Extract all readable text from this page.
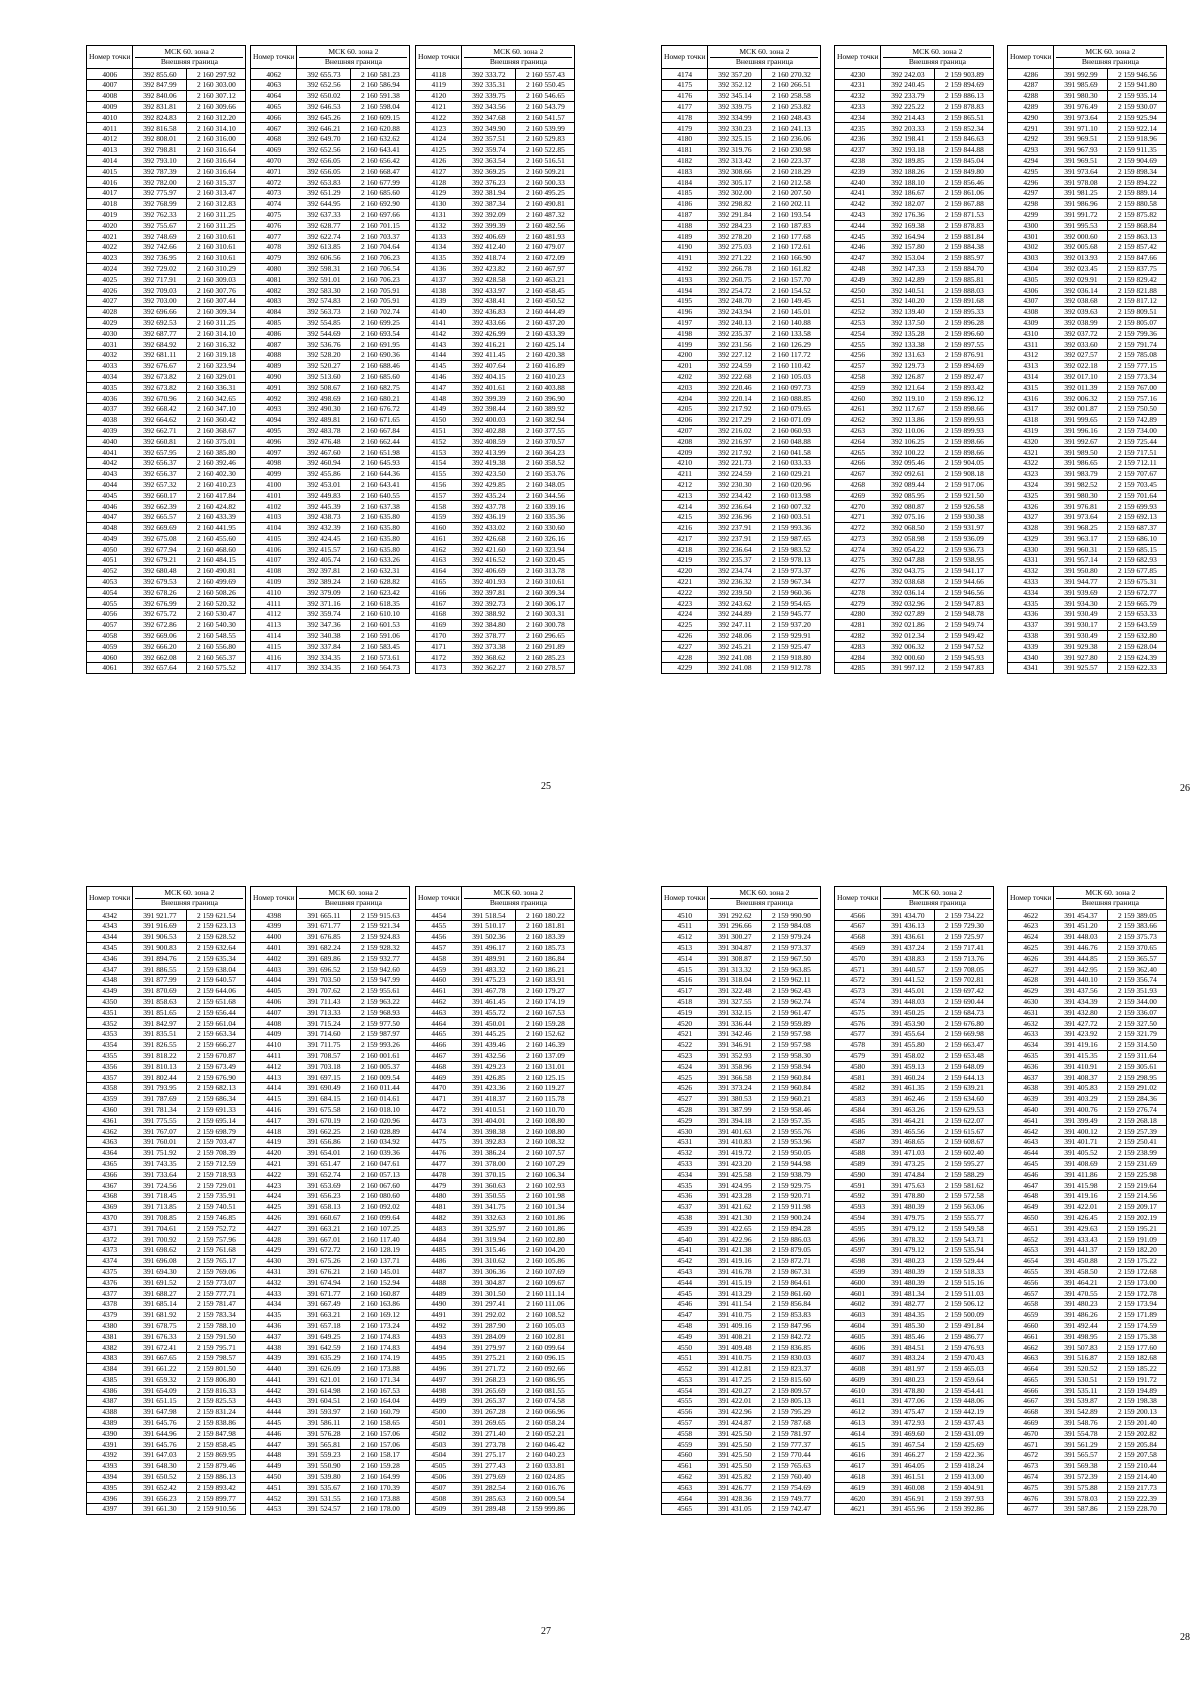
Номер точки	МСК 60. зона 2
Внешняя граница	

4006	392 855.60	2 160 297.92
4007	392 847.99	2 160 303.00
4008	392 840.06	2 160 307.12
4009	392 831.81	2 160 309.66
4010	392 824.83	2 160 312.20
4011	392 816.58	2 160 314.10
4012	392 808.01	2 160 316.00
4013	392 798.81	2 160 316.64
4014	392 793.10	2 160 316.64
4015	392 787.39	2 160 316.64
4016	392 782.00	2 160 315.37
4017	392 775.97	2 160 313.47
4018	392 768.99	2 160 312.83
4019	392 762.33	2 160 311.25
4020	392 755.67	2 160 311.25
4021	392 748.69	2 160 310.61
4022	392 742.66	2 160 310.61
4023	392 736.95	2 160 310.61
4024	392 729.02	2 160 310.29
4025	392 717.91	2 160 309.03
4026	392 709.03	2 160 307.76
4027	392 703.00	2 160 307.44
4028	392 696.66	2 160 309.34
4029	392 692.53	2 160 311.25
4030	392 687.77	2 160 314.10
4031	392 684.92	2 160 316.32
4032	392 681.11	2 160 319.18
4033	392 676.67	2 160 323.94
4034	392 673.82	2 160 329.01
4035	392 673.82	2 160 336.31
4036	392 670.96	2 160 342.65
4037	392 668.42	2 160 347.10
4038	392 664.62	2 160 360.42
4039	392 662.71	2 160 368.67
4040	392 660.81	2 160 375.01
4041	392 657.95	2 160 385.80
4042	392 656.37	2 160 392.46
4043	392 656.37	2 160 402.30
4044	392 657.32	2 160 410.23
4045	392 660.17	2 160 417.84
4046	392 662.39	2 160 424.82
4047	392 665.57	2 160 433.39
4048	392 669.69	2 160 441.95
4049	392 675.08	2 160 455.60
4050	392 677.94	2 160 468.60
4051	392 679.21	2 160 484.15
4052	392 680.48	2 160 490.81
4053	392 679.53	2 160 499.69
4054	392 678.26	2 160 508.26
4055	392 676.99	2 160 520.32
4056	392 675.72	2 160 530.47
4057	392 672.86	2 160 540.30
4058	392 669.06	2 160 548.55
4059	392 666.20	2 160 556.80
4060	392 662.08	2 160 565.37
4061	392 657.64	2 160 575.52
Номер точки	МСК 60. зона 2
Внешняя граница	

4062	392 655.73	2 160 581.23
4063	392 652.56	2 160 586.94
4064	392 650.02	2 160 591.38
4065	392 646.53	2 160 598.04
4066	392 645.26	2 160 609.15
4067	392 646.21	2 160 620.88
4068	392 649.70	2 160 632.62
4069	392 652.56	2 160 643.41
4070	392 656.05	2 160 656.42
4071	392 656.05	2 160 668.47
4072	392 653.83	2 160 677.99
4073	392 651.29	2 160 685.60
4074	392 644.95	2 160 692.90
4075	392 637.33	2 160 697.66
4076	392 628.77	2 160 701.15
4077	392 622.74	2 160 703.37
4078	392 613.85	2 160 704.64
4079	392 606.56	2 160 706.23
4080	392 598.31	2 160 706.54
4081	392 591.01	2 160 706.23
4082	392 583.30	2 160 705.91
4083	392 574.83	2 160 705.91
4084	392 563.73	2 160 702.74
4085	392 554.85	2 160 699.25
4086	392 544.69	2 160 693.54
4087	392 536.76	2 160 691.95
4088	392 528.20	2 160 690.36
4089	392 520.27	2 160 688.46
4090	392 513.60	2 160 685.60
4091	392 508.67	2 160 682.75
4092	392 498.69	2 160 680.21
4093	392 490.30	2 160 676.72
4094	392 489.81	2 160 671.65
4095	392 483.78	2 160 667.84
4096	392 476.48	2 160 662.44
4097	392 467.60	2 160 651.98
4098	392 460.94	2 160 645.93
4099	392 455.86	2 160 644.36
4100	392 453.01	2 160 643.41
4101	392 449.83	2 160 640.55
4102	392 445.39	2 160 637.38
4103	392 438.73	2 160 635.80
4104	392 432.39	2 160 635.80
4105	392 424.45	2 160 635.80
4106	392 415.57	2 160 635.80
4107	392 405.74	2 160 633.26
4108	392 397.81	2 160 632.31
4109	392 389.24	2 160 628.82
4110	392 379.09	2 160 623.42
4111	392 371.16	2 160 618.35
4112	392 359.74	2 160 610.10
4113	392 347.36	2 160 601.53
4114	392 340.38	2 160 591.06
4115	392 337.84	2 160 583.45
4116	392 334.35	2 160 573.61
4117	392 334.35	2 160 564.73
Номер точки	МСК 60. зона 2
Внешняя граница	

4118	392 333.72	2 160 557.43
4119	392 335.31	2 160 550.45
4120	392 339.75	2 160 546.65
4121	392 343.56	2 160 543.79
4122	392 347.68	2 160 541.57
4123	392 349.90	2 160 539.99
4124	392 357.51	2 160 529.83
4125	392 359.74	2 160 522.85
4126	392 363.54	2 160 516.51
4127	392 369.25	2 160 509.21
4128	392 376.23	2 160 500.33
4129	392 381.94	2 160 495.25
4130	392 387.34	2 160 490.81
4131	392 392.09	2 160 487.32
4132	392 399.39	2 160 482.56
4133	392 406.69	2 160 481.93
4134	392 412.40	2 160 479.07
4135	392 418.74	2 160 472.09
4136	392 423.82	2 160 467.97
4137	392 428.58	2 160 463.21
4138	392 433.97	2 160 458.45
4139	392 438.41	2 160 450.52
4140	392 436.83	2 160 444.49
4141	392 433.66	2 160 437.20
4142	392 426.99	2 160 433.39
4143	392 416.21	2 160 425.14
4144	392 411.45	2 160 420.38
4145	392 407.64	2 160 416.89
4146	392 404.15	2 160 410.23
4147	392 401.61	2 160 403.88
4148	392 399.39	2 160 396.90
4149	392 398.44	2 160 389.92
4150	392 400.03	2 160 382.94
4151	392 402.88	2 160 377.55
4152	392 408.59	2 160 370.57
4153	392 413.99	2 160 364.23
4154	392 419.38	2 160 358.52
4155	392 423.50	2 160 353.76
4156	392 429.85	2 160 348.05
4157	392 435.24	2 160 344.56
4158	392 437.78	2 160 339.16
4159	392 436.19	2 160 335.36
4160	392 433.02	2 160 330.60
4161	392 426.68	2 160 326.16
4162	392 421.60	2 160 323.94
4163	392 416.52	2 160 320.45
4164	392 406.69	2 160 313.78
4165	392 401.93	2 160 310.61
4166	392 397.81	2 160 309.34
4167	392 392.73	2 160 306.17
4168	392 388.92	2 160 303.31
4169	392 384.80	2 160 300.78
4170	392 378.77	2 160 296.65
4171	392 373.38	2 160 291.89
4172	392 368.62	2 160 285.23
4173	392 362.27	2 160 278.57
Номер точки	МСК 60. зона 2
Внешняя граница	

4174	392 357.20	2 160 270.32
4175	392 352.12	2 160 266.51
4176	392 345.14	2 160 258.58
4177	392 339.75	2 160 253.82
4178	392 334.99	2 160 248.43
4179	392 330.23	2 160 241.13
4180	392 325.15	2 160 236.06
4181	392 319.76	2 160 230.98
4182	392 313.42	2 160 223.37
4183	392 308.66	2 160 218.29
4184	392 305.17	2 160 212.58
4185	392 302.00	2 160 207.50
4186	392 298.82	2 160 202.11
4187	392 291.84	2 160 193.54
4188	392 284.23	2 160 187.83
4189	392 278.20	2 160 177.68
4190	392 275.03	2 160 172.61
4191	392 271.22	2 160 166.90
4192	392 266.78	2 160 161.82
4193	392 260.75	2 160 157.70
4194	392 254.72	2 160 154.52
4195	392 248.70	2 160 149.45
4196	392 243.94	2 160 145.01
4197	392 240.13	2 160 140.88
4198	392 235.37	2 160 133.58
4199	392 231.56	2 160 126.29
4200	392 227.12	2 160 117.72
4201	392 224.59	2 160 110.42
4202	392 222.68	2 160 105.03
4203	392 220.46	2 160 097.73
4204	392 220.14	2 160 088.85
4205	392 217.92	2 160 079.65
4206	392 217.29	2 160 071.09
4207	392 216.02	2 160 060.93
4208	392 216.97	2 160 048.88
4209	392 217.92	2 160 041.58
4210	392 221.73	2 160 033.33
4211	392 224.59	2 160 029.21
4212	392 230.30	2 160 020.96
4213	392 234.42	2 160 013.98
4214	392 236.64	2 160 007.32
4215	392 236.96	2 160 003.51
4216	392 237.91	2 159 993.36
4217	392 237.91	2 159 987.65
4218	392 236.64	2 159 983.52
4219	392 235.37	2 159 978.13
4220	392 234.74	2 159 973.37
4221	392 236.32	2 159 967.34
4222	392 239.50	2 159 960.36
4223	392 243.62	2 159 954.65
4224	392 244.89	2 159 945.77
4225	392 247.11	2 159 937.20
4226	392 248.06	2 159 929.91
4227	392 245.21	2 159 925.47
4228	392 241.08	2 159 918.80
4229	392 241.08	2 159 912.78
Номер точки	МСК 60. зона 2
Внешняя граница	

4230	392 242.03	2 159 903.89
4231	392 240.45	2 159 894.69
4232	392 233.79	2 159 886.13
4233	392 225.22	2 159 878.83
4234	392 214.43	2 159 865.51
4235	392 203.33	2 159 852.34
4236	392 198.41	2 159 846.63
4237	392 193.18	2 159 844.88
4238	392 189.85	2 159 845.04
4239	392 188.26	2 159 849.80
4240	392 188.10	2 159 856.46
4241	392 186.67	2 159 861.06
4242	392 182.07	2 159 867.88
4243	392 176.36	2 159 871.53
4244	392 169.38	2 159 878.83
4245	392 164.94	2 159 881.84
4246	392 157.80	2 159 884.38
4247	392 153.04	2 159 885.97
4248	392 147.33	2 159 884.70
4249	392 142.89	2 159 885.81
4250	392 140.51	2 159 888.03
4251	392 140.20	2 159 891.68
4252	392 139.40	2 159 895.33
4253	392 137.50	2 159 896.28
4254	392 135.28	2 159 896.60
4255	392 133.38	2 159 897.55
4256	392 131.63	2 159 876.91
4257	392 129.73	2 159 894.69
4258	392 126.87	2 159 892.47
4259	392 121.64	2 159 893.42
4260	392 119.10	2 159 896.12
4261	392 117.67	2 159 898.66
4262	392 113.86	2 159 899.93
4263	392 110.06	2 159 899.93
4264	392 106.25	2 159 898.66
4265	392 100.22	2 159 898.66
4266	392 095.46	2 159 904.05
4267	392 092.61	2 159 908.18
4268	392 089.44	2 159 917.06
4269	392 085.95	2 159 921.50
4270	392 080.87	2 159 926.58
4271	392 075.16	2 159 930.38
4272	392 068.50	2 159 931.97
4273	392 058.98	2 159 936.09
4274	392 054.22	2 159 936.73
4275	392 047.88	2 159 938.95
4276	392 043.75	2 159 941.17
4277	392 038.68	2 159 944.66
4278	392 036.14	2 159 946.56
4279	392 032.96	2 159 947.83
4280	392 027.89	2 159 948.78
4281	392 021.86	2 159 949.74
4282	392 012.34	2 159 949.42
4283	392 006.32	2 159 947.52
4284	392 000.60	2 159 945.93
4285	391 997.12	2 159 947.83
Номер точки	МСК 60. зона 2
Внешняя граница	

4286	391 992.99	2 159 946.56
4287	391 985.69	2 159 941.80
4288	391 980.30	2 159 935.14
4289	391 976.49	2 159 930.07
4290	391 973.64	2 159 925.94
4291	391 971.10	2 159 922.14
4292	391 969.51	2 159 918.96
4293	391 967.93	2 159 911.35
4294	391 969.51	2 159 904.69
4295	391 973.64	2 159 898.34
4296	391 978.08	2 159 894.22
4297	391 981.25	2 159 889.14
4298	391 986.96	2 159 880.58
4299	391 991.72	2 159 875.82
4300	391 995.53	2 159 868.84
4301	392 000.60	2 159 863.13
4302	392 005.68	2 159 857.42
4303	392 013.93	2 159 847.66
4304	392 023.45	2 159 837.75
4305	392 029.91	2 159 829.42
4306	392 036.14	2 159 821.88
4307	392 038.68	2 159 817.12
4308	392 039.63	2 159 809.51
4309	392 038.99	2 159 805.07
4310	392 037.72	2 159 799.36
4311	392 033.60	2 159 791.74
4312	392 027.57	2 159 785.08
4313	392 022.18	2 159 777.15
4314	392 017.10	2 159 773.34
4315	392 011.39	2 159 767.00
4316	392 006.32	2 159 757.16
4317	392 001.87	2 159 750.50
4318	391 999.65	2 159 742.89
4319	391 996.16	2 159 734.00
4320	391 992.67	2 159 725.44
4321	391 989.50	2 159 717.51
4322	391 986.65	2 159 712.11
4323	391 983.79	2 159 707.67
4324	391 982.52	2 159 703.45
4325	391 980.30	2 159 701.64
4326	391 976.81	2 159 699.93
4327	391 973.64	2 159 692.13
4328	391 968.25	2 159 687.37
4329	391 963.17	2 159 686.10
4330	391 960.31	2 159 685.15
4331	391 957.14	2 159 682.93
4332	391 950.80	2 159 677.85
4333	391 944.77	2 159 675.31
4334	391 939.69	2 159 672.77
4335	391 934.30	2 159 665.79
4336	391 930.49	2 159 653.33
4337	391 930.17	2 159 643.59
4338	391 930.49	2 159 632.80
4339	391 929.38	2 159 628.04
4340	391 927.80	2 159 624.39
4341	391 925.57	2 159 622.33
Номер точки	МСК 60. зона 2
Внешняя граница	

4342	391 921.77	2 159 621.54
4343	391 916.69	2 159 623.13
4344	391 906.53	2 159 628.52
4345	391 900.83	2 159 632.64
4346	391 894.76	2 159 635.34
4347	391 886.55	2 159 638.04
4348	391 877.99	2 159 640.57
4349	391 870.69	2 159 644.06
4350	391 858.63	2 159 651.68
4351	391 851.65	2 159 656.44
4352	391 842.97	2 159 661.04
4353	391 835.51	2 159 663.34
4354	391 826.55	2 159 666.27
4355	391 818.22	2 159 670.87
4356	391 810.13	2 159 673.49
4357	391 802.44	2 159 676.90
4358	391 793.95	2 159 682.13
4359	391 787.69	2 159 686.34
4360	391 781.34	2 159 691.33
4361	391 775.55	2 159 695.14
4362	391 767.07	2 159 698.79
4363	391 760.01	2 159 703.47
4364	391 751.92	2 159 708.39
4365	391 743.35	2 159 712.59
4366	391 733.64	2 159 718.93
4367	391 724.56	2 159 729.01
4368	391 718.45	2 159 735.91
4369	391 713.85	2 159 740.51
4370	391 708.85	2 159 746.85
4371	391 704.61	2 159 752.72
4372	391 700.92	2 159 757.96
4373	391 698.62	2 159 761.68
4374	391 696.08	2 159 765.17
4375	391 694.30	2 159 769.06
4376	391 691.52	2 159 773.07
4377	391 688.27	2 159 777.71
4378	391 685.14	2 159 781.47
4379	391 681.92	2 159 783.34
4380	391 678.75	2 159 788.10
4381	391 676.33	2 159 791.50
4382	391 672.41	2 159 795.71
4383	391 667.65	2 159 798.57
4384	391 661.22	2 159 801.50
4385	391 659.32	2 159 806.80
4386	391 654.09	2 159 816.33
4387	391 651.15	2 159 825.53
4388	391 647.98	2 159 831.24
4389	391 645.76	2 159 838.86
4390	391 644.96	2 159 847.98
4391	391 645.76	2 159 858.45
4392	391 647.03	2 159 869.95
4393	391 648.30	2 159 879.46
4394	391 650.52	2 159 886.13
4395	391 652.42	2 159 893.42
4396	391 656.23	2 159 899.77
4397	391 661.30	2 159 910.56
Номер точки	МСК 60. зона 2
Внешняя граница	

4398	391 665.11	2 159 915.63
4399	391 671.77	2 159 921.34
4400	391 676.85	2 159 924.83
4401	391 682.24	2 159 928.32
4402	391 689.86	2 159 932.77
4403	391 696.52	2 159 942.60
4404	391 703.50	2 159 947.99
4405	391 707.62	2 159 955.61
4406	391 711.43	2 159 963.22
4407	391 713.33	2 159 968.93
4408	391 715.24	2 159 977.50
4409	391 714.60	2 159 987.97
4410	391 711.75	2 159 993.26
4411	391 708.57	2 160 001.61
4412	391 703.18	2 160 005.37
4413	391 697.15	2 160 009.54
4414	391 690.49	2 160 011.44
4415	391 684.15	2 160 014.61
4416	391 675.58	2 160 018.10
4417	391 670.19	2 160 020.96
4418	391 662.25	2 160 028.89
4419	391 656.86	2 160 034.92
4420	391 654.01	2 160 039.36
4421	391 651.47	2 160 047.61
4422	391 652.74	2 160 057.13
4423	391 653.69	2 160 067.60
4424	391 656.23	2 160 080.60
4425	391 658.13	2 160 092.02
4426	391 660.67	2 160 099.64
4427	391 663.21	2 160 107.25
4428	391 667.01	2 160 117.40
4429	391 672.72	2 160 128.19
4430	391 675.26	2 160 137.71
4431	391 676.21	2 160 145.01
4432	391 674.94	2 160 152.94
4433	391 671.77	2 160 160.87
4434	391 667.49	2 160 163.86
4435	391 663.21	2 160 169.12
4436	391 657.18	2 160 173.24
4437	391 649.25	2 160 174.83
4438	391 642.59	2 160 174.83
4439	391 635.29	2 160 174.19
4440	391 626.09	2 160 173.88
4441	391 621.01	2 160 171.34
4442	391 614.98	2 160 167.53
4443	391 604.51	2 160 164.04
4444	391 593.97	2 160 160.79
4445	391 586.11	2 160 158.65
4446	391 576.28	2 160 157.06
4447	391 565.81	2 160 157.06
4448	391 559.23	2 160 158.17
4449	391 550.90	2 160 159.28
4450	391 539.80	2 160 164.99
4451	391 535.67	2 160 170.39
4452	391 531.55	2 160 173.88
4453	391 524.57	2 160 178.00
Номер точки	МСК 60. зона 2
Внешняя граница	

4454	391 518.54	2 160 180.22
4455	391 510.17	2 160 181.81
4456	391 502.36	2 160 183.39
4457	391 496.17	2 160 185.73
4458	391 489.91	2 160 186.84
4459	391 483.32	2 160 186.21
4460	391 475.23	2 160 183.91
4461	391 467.78	2 160 179.27
4462	391 461.45	2 160 174.19
4463	391 455.72	2 160 167.53
4464	391 450.01	2 160 159.28
4465	391 445.25	2 160 152.62
4466	391 439.46	2 160 146.39
4467	391 432.56	2 160 137.09
4468	391 429.23	2 160 131.01
4469	391 426.85	2 160 125.15
4470	391 423.36	2 160 119.27
4471	391 418.37	2 160 115.78
4472	391 410.51	2 160 110.70
4473	391 404.01	2 160 108.80
4474	391 398.38	2 160 108.80
4475	391 392.83	2 160 108.32
4476	391 386.24	2 160 107.57
4477	391 378.00	2 160 107.29
4478	391 370.15	2 160 106.34
4479	391 360.63	2 160 102.93
4480	391 350.55	2 160 101.98
4481	391 341.75	2 160 101.34
4482	391 332.63	2 160 101.86
4483	391 325.97	2 160 101.86
4484	391 319.94	2 160 102.80
4485	391 315.46	2 160 104.20
4486	391 310.62	2 160 105.86
4487	391 306.36	2 160 107.69
4488	391 304.87	2 160 109.67
4489	391 301.50	2 160 111.14
4490	391 297.41	2 160 111.06
4491	391 292.02	2 160 108.52
4492	391 287.90	2 160 105.03
4493	391 284.09	2 160 102.81
4494	391 279.97	2 160 099.64
4495	391 275.21	2 160 096.15
4496	391 271.72	2 160 092.66
4497	391 268.23	2 160 086.95
4498	391 265.69	2 160 081.55
4499	391 265.37	2 160 074.58
4500	391 267.28	2 160 066.96
4501	391 269.65	2 160 058.24
4502	391 271.40	2 160 052.21
4503	391 273.78	2 160 046.42
4504	391 275.17	2 160 040.23
4505	391 277.43	2 160 033.81
4506	391 279.69	2 160 024.85
4507	391 282.54	2 160 016.76
4508	391 285.63	2 160 009.54
4509	391 289.48	2 159 999.86
Номер точки	МСК 60. зона 2
Внешняя граница	

4510	391 292.62	2 159 990.90
4511	391 296.66	2 159 984.08
4512	391 300.27	2 159 979.24
4513	391 304.87	2 159 973.37
4514	391 308.87	2 159 967.50
4515	391 313.32	2 159 963.85
4516	391 318.04	2 159 962.11
4517	391 322.48	2 159 962.43
4518	391 327.55	2 159 962.74
4519	391 332.15	2 159 961.47
4520	391 336.44	2 159 959.89
4521	391 342.46	2 159 957.98
4522	391 346.91	2 159 957.98
4523	391 352.93	2 159 958.30
4524	391 358.96	2 159 958.94
4525	391 366.58	2 159 960.84
4526	391 373.24	2 159 960.84
4527	391 380.53	2 159 960.21
4528	391 387.99	2 159 958.46
4529	391 394.18	2 159 957.35
4530	391 401.63	2 159 955.76
4531	391 410.83	2 159 953.96
4532	391 419.72	2 159 950.05
4533	391 423.20	2 159 944.98
4534	391 425.58	2 159 938.79
4535	391 424.95	2 159 929.75
4536	391 423.28	2 159 920.71
4537	391 421.62	2 159 911.98
4538	391 421.30	2 159 900.24
4539	391 422.65	2 159 894.28
4540	391 422.96	2 159 886.03
4541	391 421.38	2 159 879.05
4542	391 419.16	2 159 872.71
4543	391 416.78	2 159 867.31
4544	391 415.19	2 159 864.61
4545	391 413.29	2 159 861.60
4546	391 411.54	2 159 856.84
4547	391 410.75	2 159 853.83
4548	391 409.16	2 159 847.96
4549	391 408.21	2 159 842.72
4550	391 409.48	2 159 836.85
4551	391 410.75	2 159 830.03
4552	391 412.81	2 159 823.37
4553	391 417.25	2 159 815.60
4554	391 420.27	2 159 809.57
4555	391 422.01	2 159 805.13
4556	391 422.96	2 159 795.29
4557	391 424.87	2 159 787.68
4558	391 425.50	2 159 781.97
4559	391 425.50	2 159 777.37
4560	391 425.50	2 159 770.44
4561	391 425.50	2 159 765.63
4562	391 425.82	2 159 760.40
4563	391 426.77	2 159 754.69
4564	391 428.36	2 159 749.77
4565	391 431.05	2 159 742.47
Номер точки	МСК 60. зона 2
Внешняя граница	

4566	391 434.70	2 159 734.22
4567	391 436.13	2 159 729.30
4568	391 436.61	2 159 725.97
4569	391 437.24	2 159 717.41
4570	391 438.83	2 159 713.76
4571	391 440.57	2 159 708.05
4572	391 441.52	2 159 702.81
4573	391 445.01	2 159 697.42
4574	391 448.03	2 159 690.44
4575	391 450.25	2 159 684.73
4576	391 453.90	2 159 676.80
4577	391 455.64	2 159 669.98
4578	391 455.80	2 159 663.47
4579	391 458.02	2 159 653.48
4580	391 459.13	2 159 648.09
4581	391 460.24	2 159 644.13
4582	391 461.35	2 159 639.21
4583	391 462.46	2 159 634.60
4584	391 463.26	2 159 629.53
4585	391 464.21	2 159 622.07
4586	391 465.56	2 159 615.67
4587	391 468.65	2 159 608.67
4588	391 471.03	2 159 602.40
4589	391 473.25	2 159 595.27
4590	391 474.84	2 159 588.29
4591	391 475.63	2 159 581.62
4592	391 478.80	2 159 572.58
4593	391 480.39	2 159 563.06
4594	391 479.75	2 159 555.77
4595	391 479.12	2 159 549.58
4596	391 478.32	2 159 543.71
4597	391 479.12	2 159 535.94
4598	391 480.23	2 159 529.44
4599	391 480.39	2 159 518.33
4600	391 480.39	2 159 515.16
4601	391 481.34	2 159 511.03
4602	391 482.77	2 159 506.12
4603	391 484.35	2 159 500.09
4604	391 485.30	2 159 491.84
4605	391 485.46	2 159 486.77
4606	391 484.51	2 159 476.93
4607	391 483.24	2 159 470.43
4608	391 481.97	2 159 465.03
4609	391 480.23	2 159 459.64
4610	391 478.80	2 159 454.41
4611	391 477.06	2 159 448.06
4612	391 475.47	2 159 442.19
4613	391 472.93	2 159 437.43
4614	391 469.60	2 159 431.09
4615	391 467.54	2 159 425.69
4616	391 466.27	2 159 422.36
4617	391 464.05	2 159 418.24
4618	391 461.51	2 159 413.00
4619	391 460.08	2 159 404.91
4620	391 456.91	2 159 397.93
4621	391 455.96	2 159 392.86
Номер точки	МСК 60. зона 2
Внешняя граница	

4622	391 454.37	2 159 389.05
4623	391 451.20	2 159 383.66
4624	391 448.03	2 159 375.73
4625	391 446.76	2 159 370.65
4626	391 444.85	2 159 365.57
4627	391 442.95	2 159 362.40
4628	391 440.10	2 159 356.74
4629	391 437.56	2 159 351.93
4630	391 434.39	2 159 344.00
4631	391 432.80	2 159 336.07
4632	391 427.72	2 159 327.50
4633	391 423.92	2 159 321.79
4634	391 419.16	2 159 314.50
4635	391 415.35	2 159 311.64
4636	391 410.91	2 159 305.61
4637	391 408.37	2 159 298.95
4638	391 405.83	2 159 291.02
4639	391 403.29	2 159 284.36
4640	391 400.76	2 159 276.74
4641	391 399.49	2 159 268.18
4642	391 400.12	2 159 257.39
4643	391 401.71	2 159 250.41
4644	391 405.52	2 159 238.99
4645	391 408.69	2 159 231.69
4646	391 411.86	2 159 225.98
4647	391 415.98	2 159 219.64
4648	391 419.16	2 159 214.56
4649	391 422.01	2 159 209.17
4650	391 426.45	2 159 202.19
4651	391 429.63	2 159 195.21
4652	391 433.43	2 159 191.09
4653	391 441.37	2 159 182.20
4654	391 450.88	2 159 175.22
4655	391 458.50	2 159 172.68
4656	391 464.21	2 159 173.00
4657	391 470.55	2 159 172.78
4658	391 480.23	2 159 173.94
4659	391 486.26	2 159 171.89
4660	391 492.44	2 159 174.59
4661	391 498.95	2 159 175.38
4662	391 507.83	2 159 177.60
4663	391 516.87	2 159 182.68
4664	391 520.52	2 159 185.22
4665	391 530.51	2 159 191.72
4666	391 535.11	2 159 194.89
4667	391 539.87	2 159 198.38
4668	391 542.89	2 159 200.13
4669	391 548.76	2 159 201.40
4670	391 554.78	2 159 202.82
4671	391 561.29	2 159 205.84
4672	391 565.57	2 159 207.58
4673	391 569.38	2 159 210.44
4674	391 572.39	2 159 214.40
4675	391 575.88	2 159 217.73
4676	391 578.03	2 159 222.39
4677	391 587.86	2 159 228.70
25	26
27
28
